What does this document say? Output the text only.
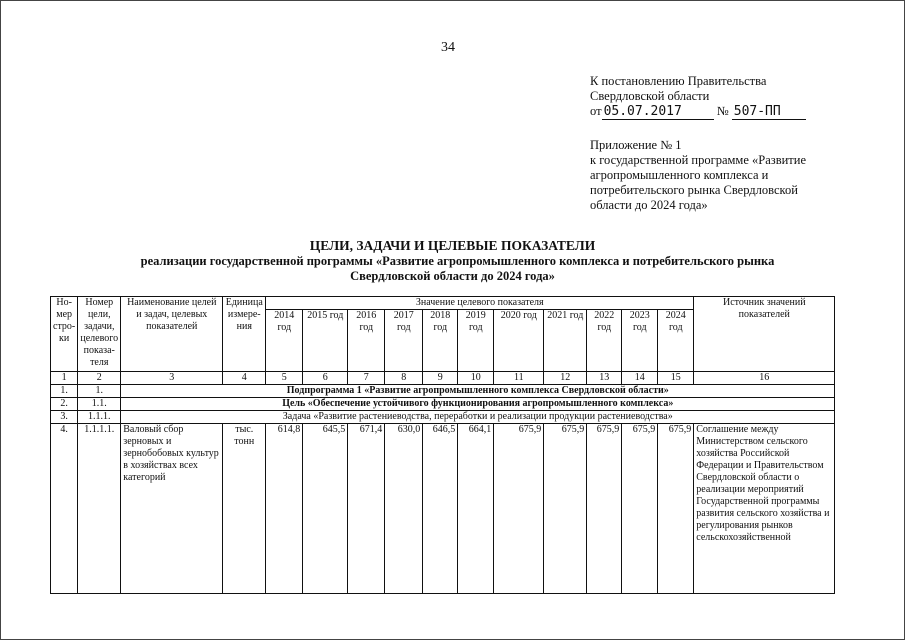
34
К постановлению Правительства
Свердловской области
от 05.07.2017	№ 507-ПП
Приложение № 1
к государственной программе «Развитие агропромышленного комплекса и потребительского рынка Свердловской области до 2024 года»
ЦЕЛИ, ЗАДАЧИ И ЦЕЛЕВЫЕ ПОКАЗАТЕЛИ
реализации государственной программы «Развитие агропромышленного комплекса и потребительского рынка
Свердловской области до 2024 года»
Но-мер стро-ки	Номер цели, задачи, целевого показа-теля	Наименование целей и задач, целевых показателей	Единица измере-ния	Значение целевого показателя											Источник значений показателей
				2014 год	2015 год	2016 год	2017 год	2018 год	2019 год	2020 год	2021 год	2022 год	2023 год	2024 год	
1	2	3	4	5	6	7	8	9	10	11	12	13	14	15	16
1.	1.	Подпрограмма 1 «Развитие агропромышленного комплекса Свердловской области»													
2.	1.1.	Цель «Обеспечение устойчивого функционирования агропромышленного комплекса»													
3.	1.1.1.	Задача «Развитие растениеводства, переработки и реализации продукции растениеводства»													
4.	1.1.1.1.	Валовый сбор зерновых и зернобобовых культур в хозяйствах всех категорий	тыс. тонн	614,8	645,5	671,4	630,0	646,5	664,1	675,9	675,9	675,9	675,9	675,9	Соглашение между Министерством сельского хозяйства Российской Федерации и Правительством Свердловской области о реализации мероприятий Государственной программы развития сельского хозяйства и регулирования рынков сельскохозяйственной
